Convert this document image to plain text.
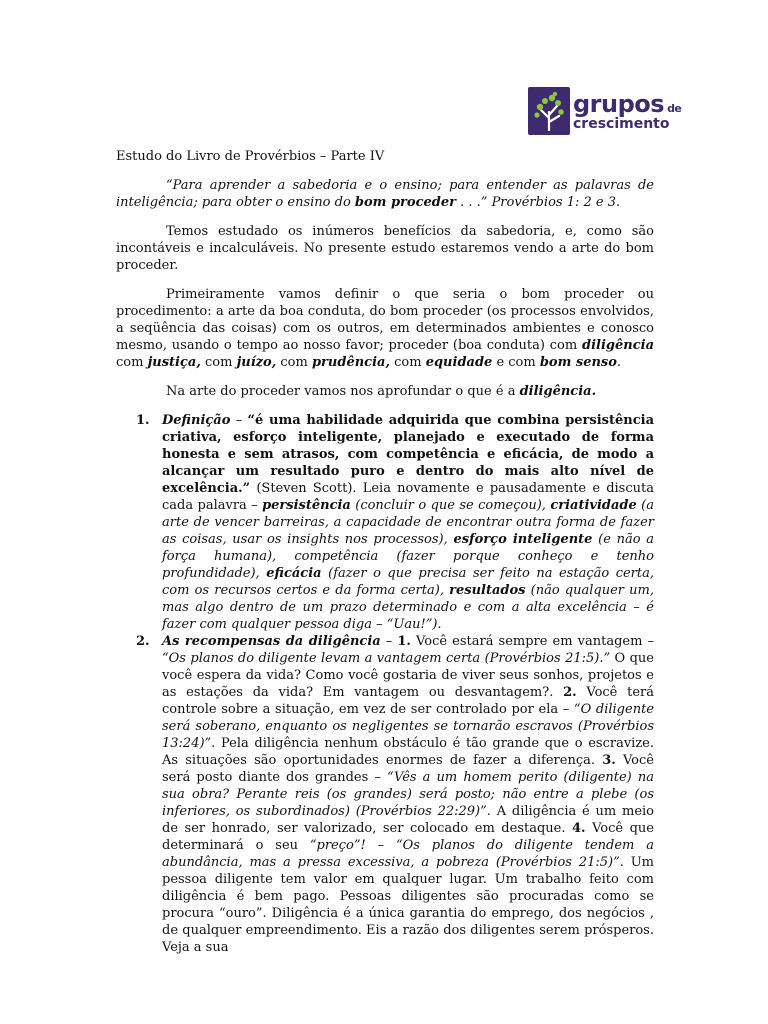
grupos de
crescimento

Estudo do Livro de Provérbios – Parte IV

“Para aprender a sabedoria e o ensino; para entender as palavras de inteligência; para obter o ensino do bom proceder . . .” Provérbios 1: 2 e 3.

Temos estudado os inúmeros benefícios da sabedoria, e, como são incontáveis e incalculáveis. No presente estudo estaremos vendo a arte do bom proceder.

Primeiramente vamos definir o que seria o bom proceder ou procedimento: a arte da boa conduta, do bom proceder (os processos envolvidos, a seqüência das coisas) com os outros, em determinados ambientes e conosco mesmo, usando o tempo ao nosso favor; proceder (boa conduta) com diligência com justiça, com juízo, com prudência, com equidade e com bom senso.

Na arte do proceder vamos nos aprofundar o que é a diligência.

1. Definição – “é uma habilidade adquirida que combina persistência criativa, esforço inteligente, planejado e executado de forma honesta e sem atrasos, com competência e eficácia, de modo a alcançar um resultado puro e dentro do mais alto nível de excelência.” (Steven Scott). Leia novamente e pausadamente e discuta cada palavra – persistência (concluir o que se começou), criatividade (a arte de vencer barreiras, a capacidade de encontrar outra forma de fazer as coisas, usar os insights nos processos), esforço inteligente (e não a força humana), competência (fazer porque conheço e tenho profundidade), eficácia (fazer o que precisa ser feito na estação certa, com os recursos certos e da forma certa), resultados (não qualquer um, mas algo dentro de um prazo determinado e com a alta excelência – é fazer com qualquer pessoa diga – “Uau!”).
2. As recompensas da diligência – 1. Você estará sempre em vantagem – “Os planos do diligente levam a vantagem certa (Provérbios 21:5).” O que você espera da vida? Como você gostaria de viver seus sonhos, projetos e as estações da vida? Em vantagem ou desvantagem?. 2. Você terá controle sobre a situação, em vez de ser controlado por ela – “O diligente será soberano, enquanto os negligentes se tornarão escravos (Provérbios 13:24)”. Pela diligência nenhum obstáculo é tão grande que o escravize. As situações são oportunidades enormes de fazer a diferença. 3. Você será posto diante dos grandes – “Vês a um homem perito (diligente) na sua obra? Perante reis (os grandes) será posto; não entre a plebe (os inferiores, os subordinados) (Provérbios 22:29)”. A diligência é um meio de ser honrado, ser valorizado, ser colocado em destaque. 4. Você que determinará o seu “preço”! – “Os planos do diligente tendem a abundância, mas a pressa excessiva, a pobreza (Provérbios 21:5)”. Um pessoa diligente tem valor em qualquer lugar. Um trabalho feito com diligência é bem pago. Pessoas diligentes são procuradas como se procura “ouro”. Diligência é a única garantia do emprego, dos negócios , de qualquer empreendimento. Eis a razão dos diligentes serem prósperos. Veja a sua
